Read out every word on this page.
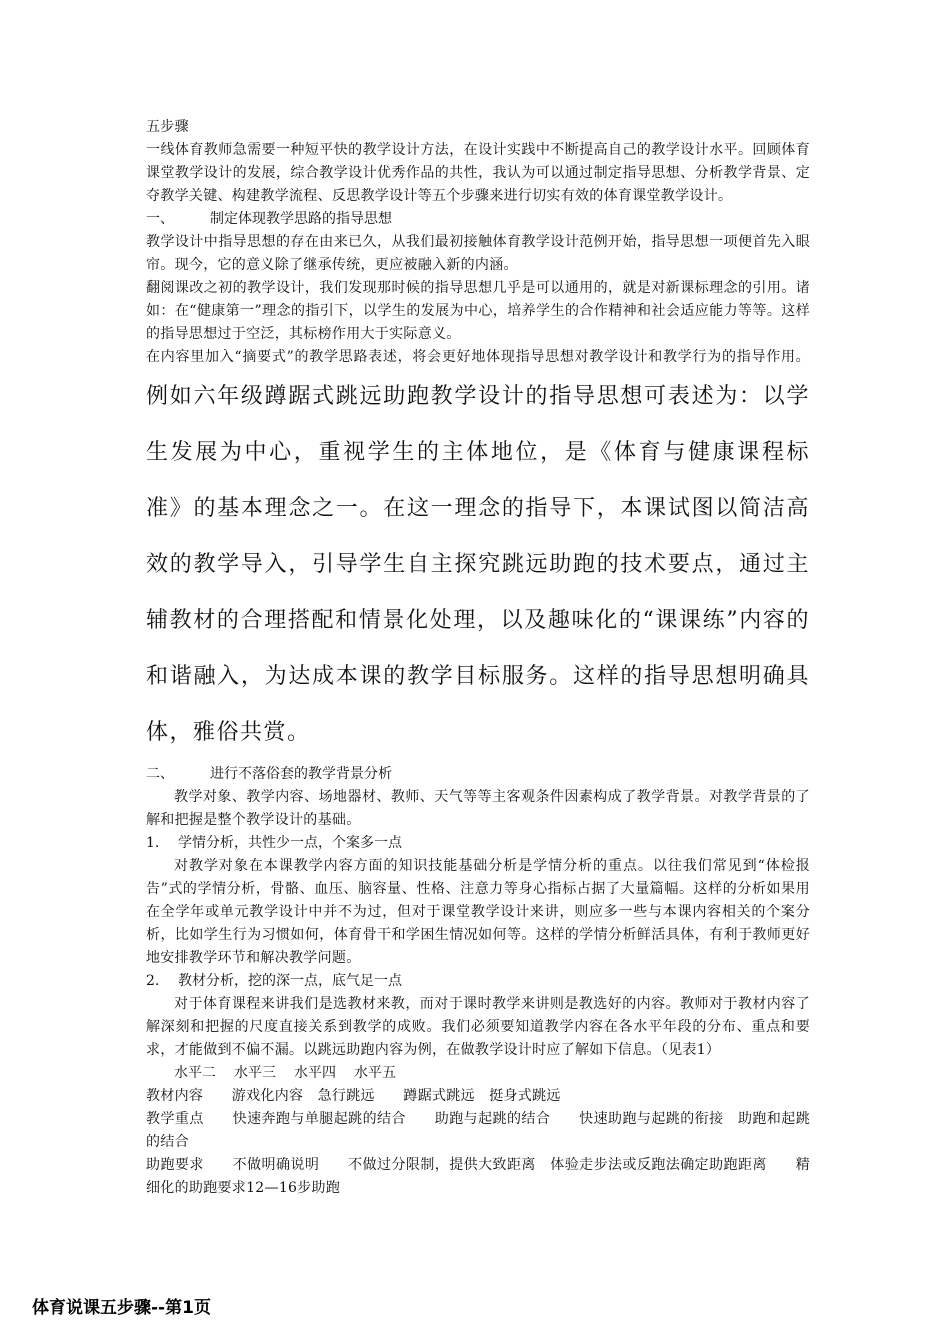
五步骤

一线体育教师急需要一种短平快的教学设计方法，在设计实践中不断提高自己的教学设计水平。回顾体育课堂教学设计的发展，综合教学设计优秀作品的共性，我认为可以通过制定指导思想、分析教学背景、定夺教学关键、构建教学流程、反思教学设计等五个步骤来进行切实有效的体育课堂教学设计。

一、	制定体现教学思路的指导思想

教学设计中指导思想的存在由来已久，从我们最初接触体育教学设计范例开始，指导思想一项便首先入眼帘。现今，它的意义除了继承传统，更应被融入新的内涵。

翻阅课改之初的教学设计，我们发现那时候的指导思想几乎是可以通用的，就是对新课标理念的引用。诸如：在“健康第一”理念的指引下，以学生的发展为中心，培养学生的合作精神和社会适应能力等等。这样的指导思想过于空泛，其标榜作用大于实际意义。

在内容里加入“摘要式”的教学思路表述，将会更好地体现指导思想对教学设计和教学行为的指导作用。例如六年级蹲踞式跳远助跑教学设计的指导思想可表述为：以学生发展为中心，重视学生的主体地位，是《体育与健康课程标准》的基本理念之一。在这一理念的指导下，本课试图以简洁高效的教学导入，引导学生自主探究跳远助跑的技术要点，通过主辅教材的合理搭配和情景化处理，以及趣味化的“课课练”内容的和谐融入，为达成本课的教学目标服务。这样的指导思想明确具体，雅俗共赏。

二、	进行不落俗套的教学背景分析

教学对象、教学内容、场地器材、教师、天气等等主客观条件因素构成了教学背景。对教学背景的了解和把握是整个教学设计的基础。

1. 学情分析，共性少一点，个案多一点

对教学对象在本课教学内容方面的知识技能基础分析是学情分析的重点。以往我们常见到“体检报告”式的学情分析，骨骼、血压、脑容量、性格、注意力等身心指标占据了大量篇幅。这样的分析如果用在全学年或单元教学设计中并不为过，但对于课堂教学设计来讲，则应多一些与本课内容相关的个案分析，比如学生行为习惯如何，体育骨干和学困生情况如何等。这样的学情分析鲜活具体，有利于教师更好地安排教学环节和解决教学问题。

2. 教材分析，挖的深一点，底气足一点

对于体育课程来讲我们是选教材来教，而对于课时教学来讲则是教选好的内容。教师对于教材内容了解深刻和把握的尺度直接关系到教学的成败。我们必须要知道教学内容在各水平年段的分布、重点和要求，才能做到不偏不漏。以跳远助跑内容为例，在做教学设计时应了解如下信息。（见表1）

水平二 水平三 水平四 水平五

教材内容　　游戏化内容　急行跳远　　蹲踞式跳远　挺身式跳远

教学重点　　快速奔跑与单腿起跳的结合　　助跑与起跳的结合　　快速助跑与起跳的衔接　助跑和起跳的结合

助跑要求　　不做明确说明　　不做过分限制，提供大致距离　体验走步法或反跑法确定助跑距离　　精细化的助跑要求12—16步助跑

体育说课五步骤--第1页
